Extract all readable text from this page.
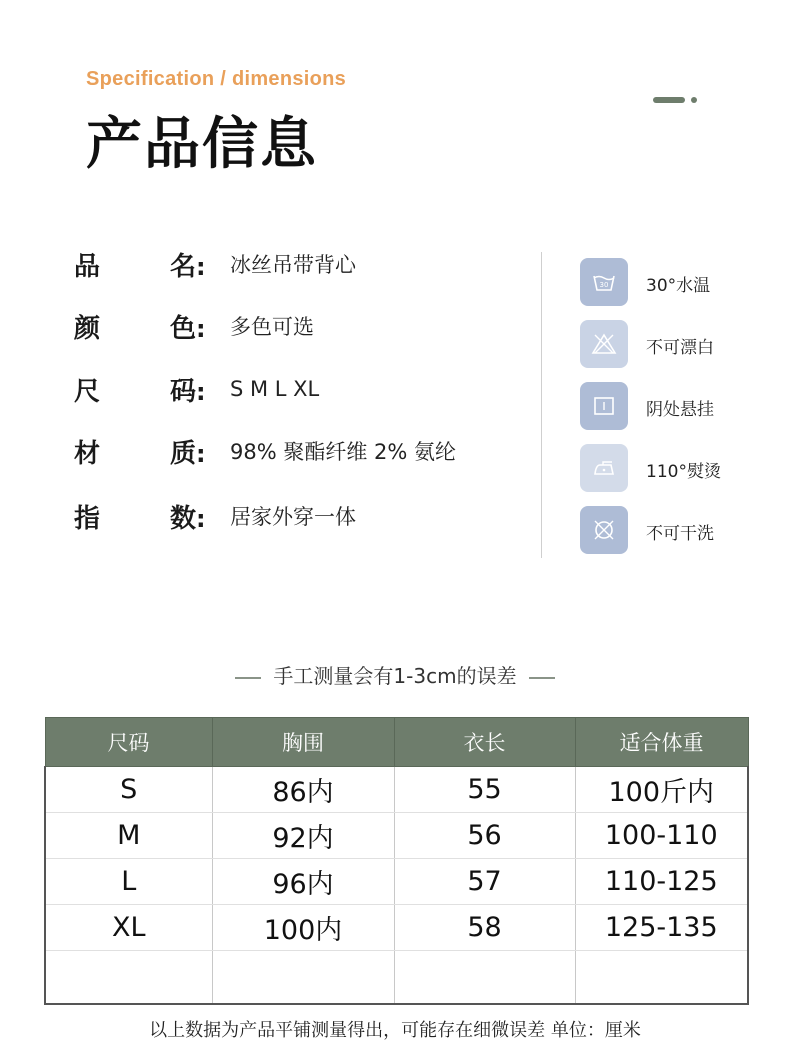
Specification / dimensions
产品信息
品	名: 冰丝吊带背心
颜	色: 多色可选
尺	码: S M L XL
材	质: 98% 聚酯纤维 2% 氨纶
指	数: 居家外穿一体
30 30°水温
不可漂白
阴处悬挂
110°熨烫
不可干洗
手工测量会有1-3cm的误差
尺码	胸围	衣长	适合体重
S	86内	55	100斤内
M	92内	56	100-110
L	96内	57	110-125
XL	100内	58	125-135

以上数据为产品平铺测量得出，可能存在细微误差 单位：厘米
